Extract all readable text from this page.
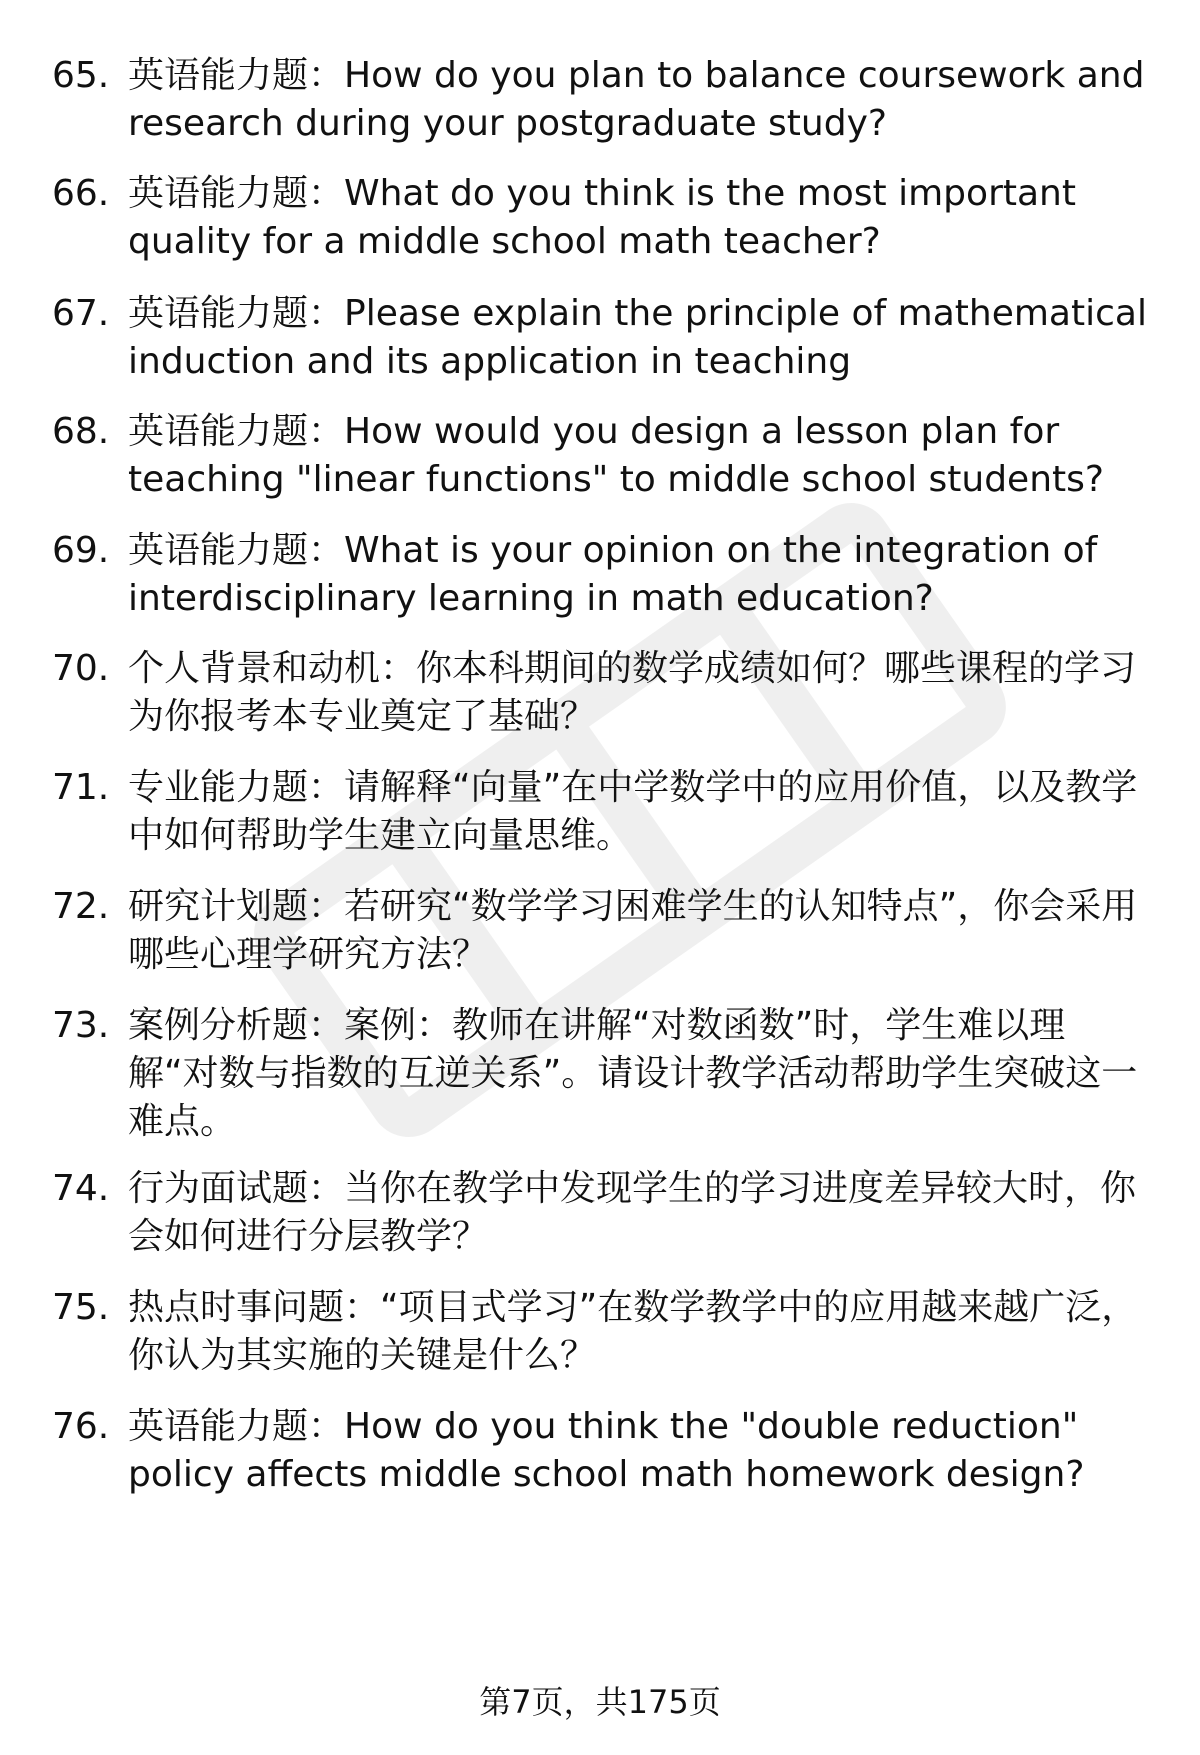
65. 英语能力题：How do you plan to balance coursework and research during your postgraduate study?
66. 英语能力题：What do you think is the most important quality for a middle school math teacher?
67. 英语能力题：Please explain the principle of mathematical induction and its application in teaching
68. 英语能力题：How would you design a lesson plan for teaching "linear functions" to middle school students?
69. 英语能力题：What is your opinion on the integration of interdisciplinary learning in math education?
70. 个人背景和动机：你本科期间的数学成绩如何？哪些课程的学习为你报考本专业奠定了基础？
71. 专业能力题：请解释“向量”在中学数学中的应用价值，以及教学中如何帮助学生建立向量思维。
72. 研究计划题：若研究“数学学习困难学生的认知特点”，你会采用哪些心理学研究方法？
73. 案例分析题：案例：教师在讲解“对数函数”时，学生难以理解“对数与指数的互逆关系”。请设计教学活动帮助学生突破这一难点。
74. 行为面试题：当你在教学中发现学生的学习进度差异较大时，你会如何进行分层教学？
75. 热点时事问题：“项目式学习”在数学教学中的应用越来越广泛，你认为其实施的关键是什么？
76. 英语能力题：How do you think the "double reduction" policy affects middle school math homework design?
第7页，共175页
